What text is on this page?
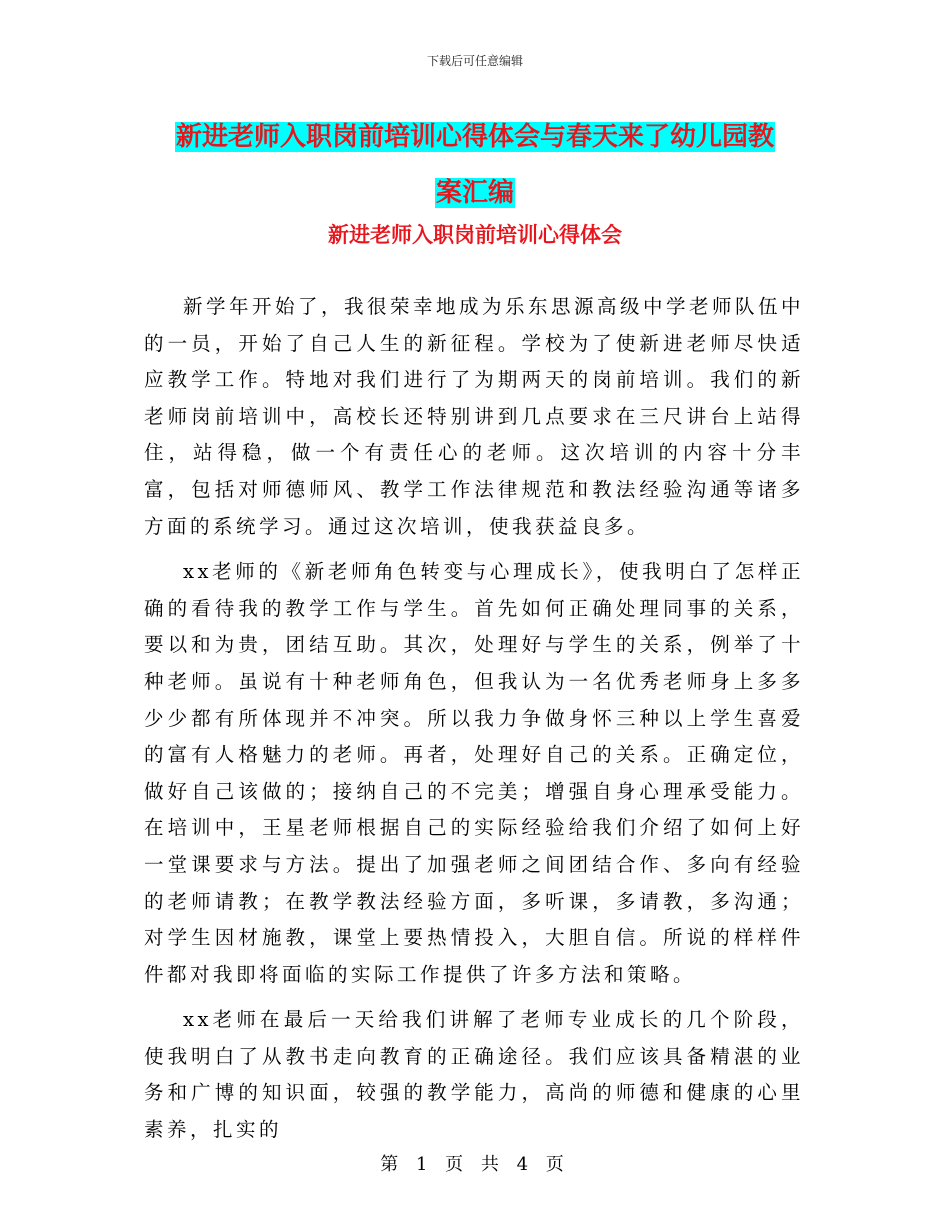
下载后可任意编辑
新进老师入职岗前培训心得体会与春天来了幼儿园教
案汇编
新进老师入职岗前培训心得体会

新学年开始了，我很荣幸地成为乐东思源高级中学老师队伍中的一员，开始了自己人生的新征程。学校为了使新进老师尽快适应教学工作。特地对我们进行了为期两天的岗前培训。我们的新老师岗前培训中，高校长还特别讲到几点要求在三尺讲台上站得住，站得稳，做一个有责任心的老师。这次培训的内容十分丰富，包括对师德师风、教学工作法律规范和教法经验沟通等诸多方面的系统学习。通过这次培训，使我获益良多。

xx老师的《新老师角色转变与心理成长》，使我明白了怎样正确的看待我的教学工作与学生。首先如何正确处理同事的关系，要以和为贵，团结互助。其次，处理好与学生的关系，例举了十种老师。虽说有十种老师角色，但我认为一名优秀老师身上多多少少都有所体现并不冲突。所以我力争做身怀三种以上学生喜爱的富有人格魅力的老师。再者，处理好自己的关系。正确定位，做好自己该做的；接纳自己的不完美；增强自身心理承受能力。在培训中，王星老师根据自己的实际经验给我们介绍了如何上好一堂课要求与方法。提出了加强老师之间团结合作、多向有经验的老师请教；在教学教法经验方面，多听课，多请教，多沟通；对学生因材施教，课堂上要热情投入，大胆自信。所说的样样件件都对我即将面临的实际工作提供了许多方法和策略。

xx老师在最后一天给我们讲解了老师专业成长的几个阶段，使我明白了从教书走向教育的正确途径。我们应该具备精湛的业务和广博的知识面，较强的教学能力，高尚的师德和健康的心里素养，扎实的

第 1 页 共 4 页
